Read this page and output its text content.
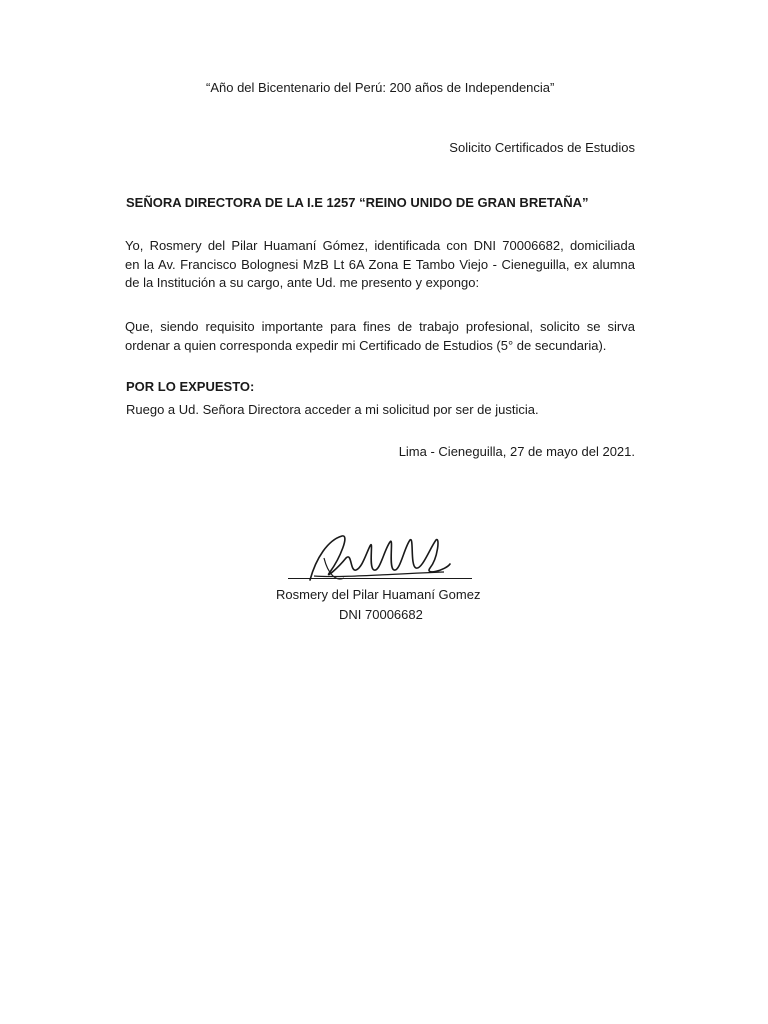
“Año del Bicentenario del Perú: 200 años de Independencia”
Solicito Certificados de Estudios
SEÑORA DIRECTORA DE LA I.E 1257 “REINO UNIDO DE GRAN BRETAÑA”
Yo, Rosmery del Pilar Huamaní Gómez, identificada con DNI 70006682, domiciliada
en la Av. Francisco Bolognesi MzB Lt 6A Zona E Tambo Viejo - Cieneguilla, ex alumna
de la Institución a su cargo, ante Ud. me presento y expongo:
Que, siendo requisito importante para fines de trabajo profesional, solicito se sirva
ordenar a quien corresponda expedir mi Certificado de Estudios (5° de secundaria).
POR LO EXPUESTO:
Ruego a Ud. Señora Directora acceder a mi solicitud por ser de justicia.
Lima - Cieneguilla, 27 de mayo del 2021.
Rosmery del Pilar Huamaní Gomez
DNI 70006682
